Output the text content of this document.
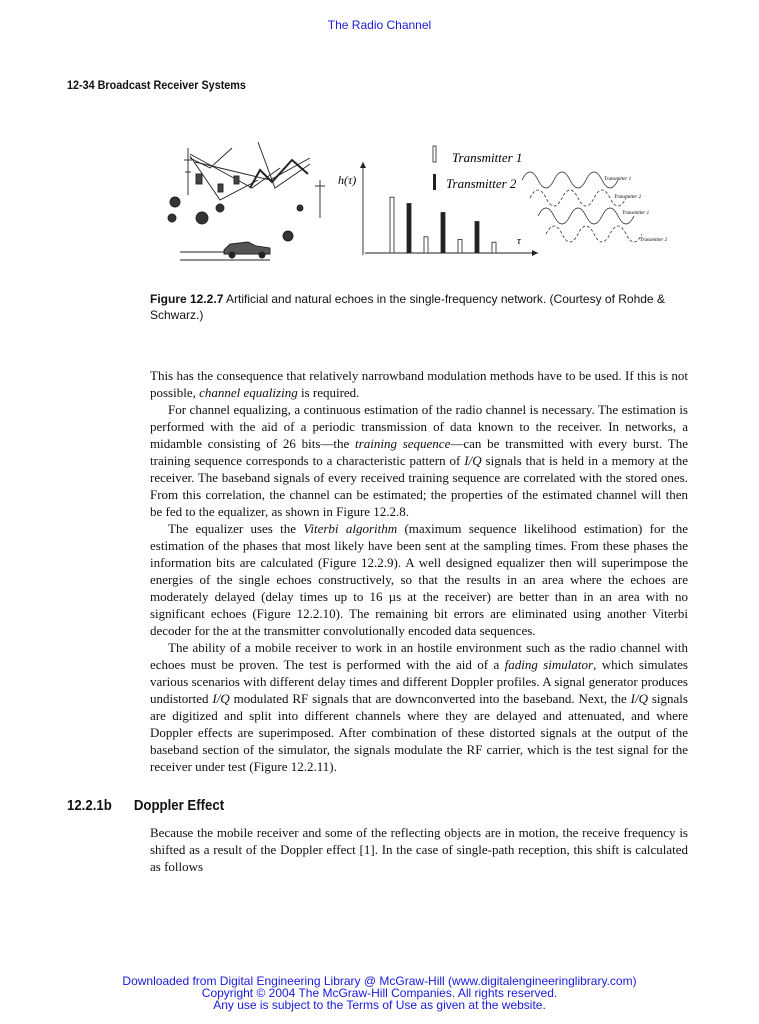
The Radio Channel
12-34 Broadcast Receiver Systems
h(τ)
τ
Transmitter 1
Transmitter 2	Transmitter 1
Transmitter 2
Transmitter 1
Transmitter 2
Figure 12.2.7 Artificial and natural echoes in the single-frequency network. (Courtesy of Rohde & Schwarz.)

This has the consequence that relatively narrowband modulation methods have to be used. If this is not possible, channel equalizing is required.

For channel equalizing, a continuous estimation of the radio channel is necessary. The estimation is performed with the aid of a periodic transmission of data known to the receiver. In networks, a midamble consisting of 26 bits—the training sequence—can be transmitted with every burst. The training sequence corresponds to a characteristic pattern of I/Q signals that is held in a memory at the receiver. The baseband signals of every received training sequence are correlated with the stored ones. From this correlation, the channel can be estimated; the properties of the estimated channel will then be fed to the equalizer, as shown in Figure 12.2.8.

The equalizer uses the Viterbi algorithm (maximum sequence likelihood estimation) for the estimation of the phases that most likely have been sent at the sampling times. From these phases the information bits are calculated (Figure 12.2.9). A well designed equalizer then will superimpose the energies of the single echoes constructively, so that the results in an area where the echoes are moderately delayed (delay times up to 16 µs at the receiver) are better than in an area with no significant echoes (Figure 12.2.10). The remaining bit errors are eliminated using another Viterbi decoder for the at the transmitter convolutionally encoded data sequences.

The ability of a mobile receiver to work in an hostile environment such as the radio channel with echoes must be proven. The test is performed with the aid of a fading simulator, which simulates various scenarios with different delay times and different Doppler profiles. A signal generator produces undistorted I/Q modulated RF signals that are downconverted into the baseband. Next, the I/Q signals are digitized and split into different channels where they are delayed and attenuated, and where Doppler effects are superimposed. After combination of these distorted signals at the output of the baseband section of the simulator, the signals modulate the RF carrier, which is the test signal for the receiver under test (Figure 12.2.11).

12.2.1b Doppler Effect

Because the mobile receiver and some of the reflecting objects are in motion, the receive frequency is shifted as a result of the Doppler effect [1]. In the case of single-path reception, this shift is calculated as follows

Downloaded from Digital Engineering Library @ McGraw-Hill (www.digitalengineeringlibrary.com)
Copyright © 2004 The McGraw-Hill Companies. All rights reserved.
Any use is subject to the Terms of Use as given at the website.
